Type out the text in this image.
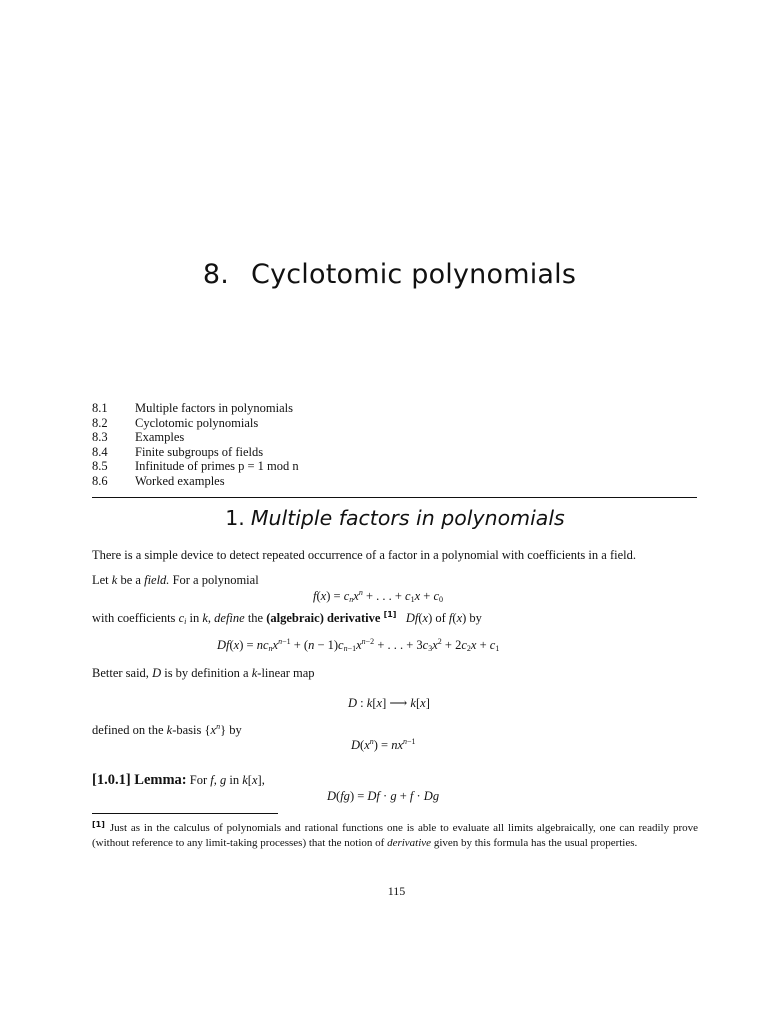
8. Cyclotomic polynomials
8.1	Multiple factors in polynomials
8.2	Cyclotomic polynomials
8.3	Examples
8.4	Finite subgroups of fields
8.5	Infinitude of primes p = 1 mod n
8.6	Worked examples
1. Multiple factors in polynomials
There is a simple device to detect repeated occurrence of a factor in a polynomial with coefficients in a field.
Let k be a field. For a polynomial
$f(x) = c_nx^n$ + . . . + $c_1x + c_0$
with coefficients $c_i$ in k, define the (algebraic) derivative [1] Df(x) of f(x) by
$Df(x) = nc_nx^{n-1} + (n - 1)c_{n-1}x^{n-2}$ + . . . + $3c_3x^2 + 2c_2x + c_1$
Better said, D is by definition a k-linear map
D : k[x] ⟶ k[x]
defined on the k-basis $\{x^n\}$ by
$D(x^n) = nx^{n-1}$
[1.0.1] Lemma: For f, g in k[x],
D(fg) = Df · g + f · Dg
[1] Just as in the calculus of polynomials and rational functions one is able to evaluate all limits algebraically, one can readily prove (without reference to any limit-taking processes) that the notion of derivative given by this formula has the usual properties.
115
